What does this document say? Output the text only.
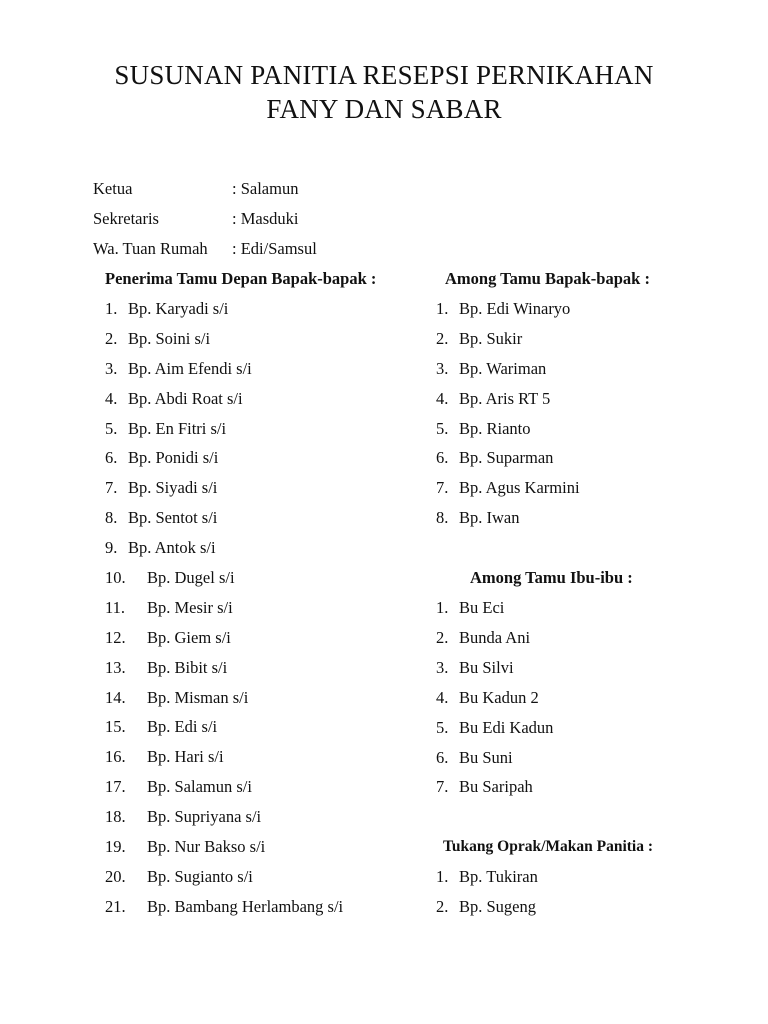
SUSUNAN PANITIA RESEPSI PERNIKAHAN
FANY DAN SABAR
Ketua	: Salamun
Sekretaris	: Masduki
Wa. Tuan Rumah : Edi/Samsul
Penerima Tamu Depan Bapak-bapak :
1. Bp. Karyadi s/i
2. Bp. Soini s/i
3. Bp. Aim Efendi s/i
4. Bp. Abdi Roat s/i
5. Bp. En Fitri s/i
6. Bp. Ponidi s/i
7. Bp. Siyadi s/i
8. Bp. Sentot s/i
9. Bp. Antok s/i
10. Bp. Dugel s/i
11. Bp. Mesir s/i
12. Bp. Giem s/i
13. Bp. Bibit s/i
14. Bp. Misman s/i
15. Bp. Edi s/i
16. Bp. Hari s/i
17. Bp. Salamun s/i
18. Bp. Supriyana s/i
19. Bp. Nur Bakso s/i
20. Bp. Sugianto s/i
21. Bp. Bambang Herlambang s/i
Among Tamu Bapak-bapak :
1. Bp. Edi Winaryo
2. Bp. Sukir
3. Bp. Wariman
4. Bp. Aris RT 5
5. Bp. Rianto
6. Bp. Suparman
7. Bp. Agus Karmini
8. Bp. Iwan
Among Tamu Ibu-ibu :
1. Bu Eci
2. Bunda Ani
3. Bu Silvi
4. Bu Kadun 2
5. Bu Edi Kadun
6. Bu Suni
7. Bu Saripah
Tukang Oprak/Makan Panitia :
1. Bp. Tukiran
2. Bp. Sugeng
